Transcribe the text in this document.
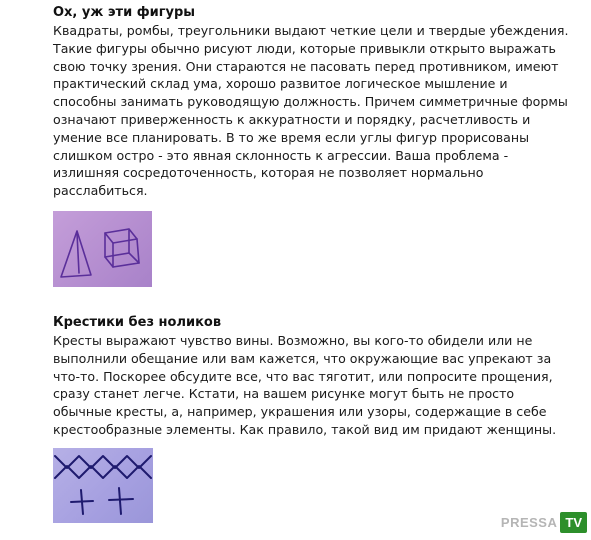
Ох, уж эти фигуры

Квадраты, ромбы, треугольники выдают четкие цели и твердые убеждения.
Такие фигуры обычно рисуют люди, которые привыкли открыто выражать
свою точку зрения. Они стараются не пасовать перед противником, имеют
практический склад ума, хорошо развитое логическое мышление и
способны занимать руководящую должность. Причем симметричные формы
означают приверженность к аккуратности и порядку, расчетливость и
умение все планировать. В то же время если углы фигур прорисованы
слишком остро - это явная склонность к агрессии. Ваша проблема -
излишняя сосредоточенность, которая не позволяет нормально
расслабиться.

Крестики без ноликов

Кресты выражают чувство вины. Возможно, вы кого-то обидели или не
выполнили обещание или вам кажется, что окружающие вас упрекают за
что-то. Поскорее обсудите все, что вас тяготит, или попросите прощения,
сразу станет легче. Кстати, на вашем рисунке могут быть не просто
обычные кресты, а, например, украшения или узоры, содержащие в себе
крестообразные элементы. Как правило, такой вид им придают женщины.

PRESSA TV
